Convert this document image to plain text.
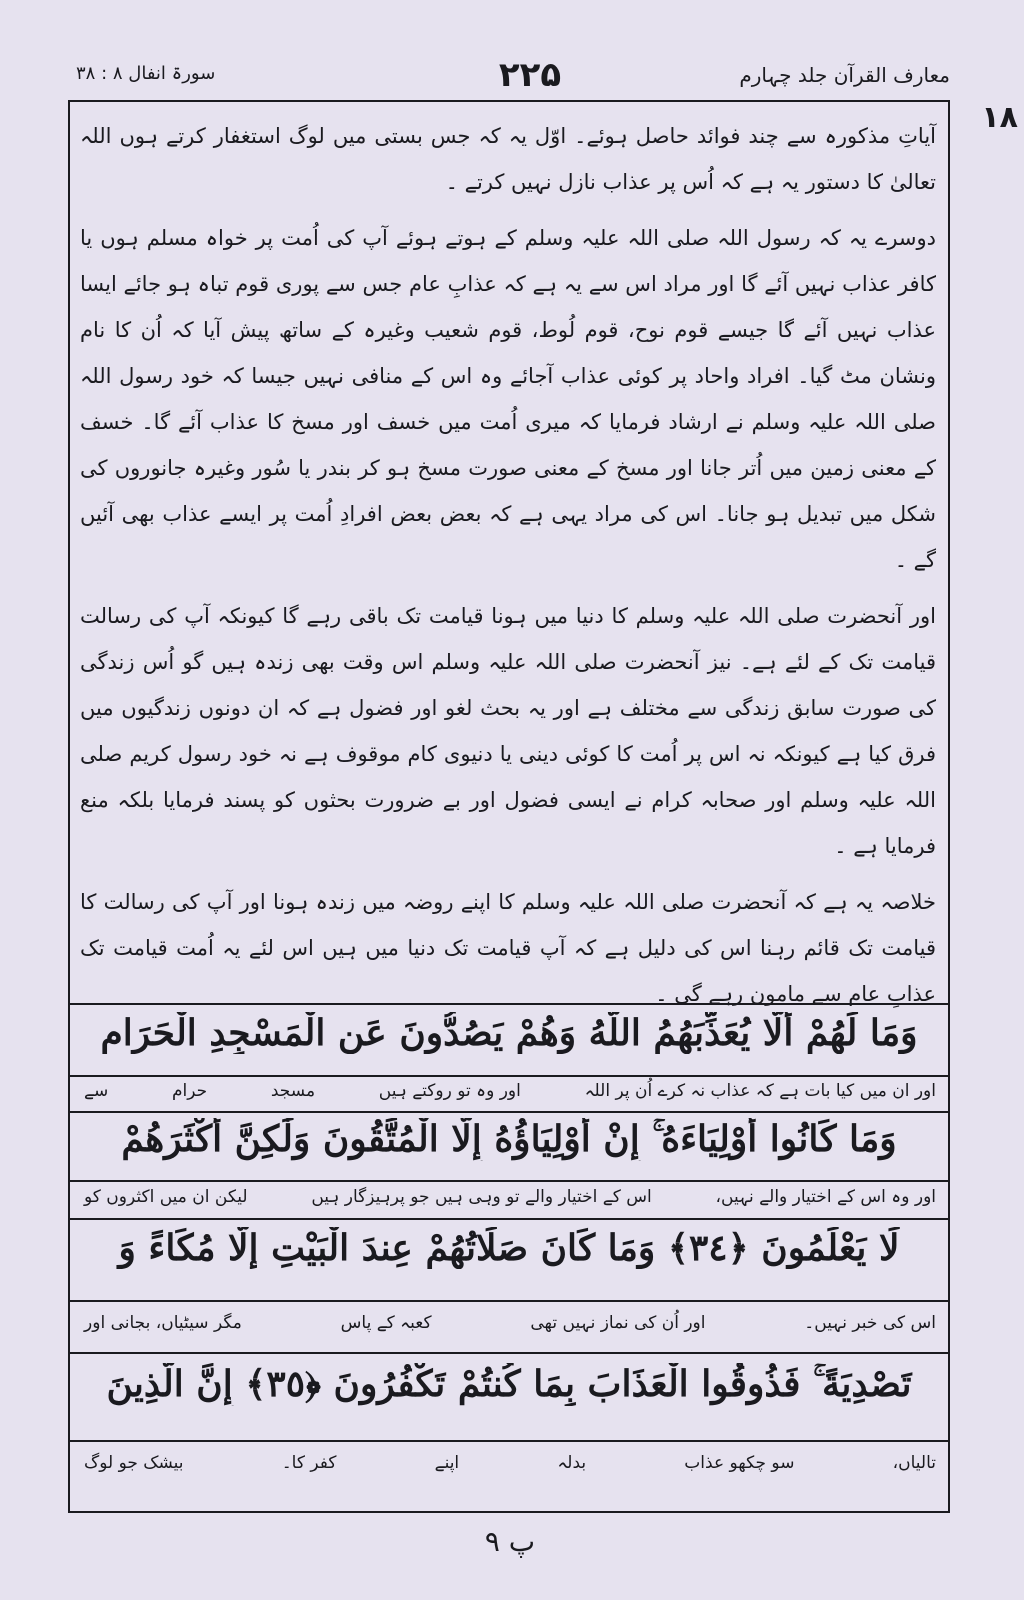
معارف القرآن جلد چہارم
۲۲۵
سورۃ انفال ۸ : ۳۸
۱۸

آیاتِ مذکورہ سے چند فوائد حاصل ہوئے۔ اوّل یہ کہ جس بستی میں لوگ استغفار کرتے ہوں اللہ تعالیٰ کا دستور یہ ہے کہ اُس پر عذاب نازل نہیں کرتے ۔

دوسرے یہ کہ رسول اللہ صلی اللہ علیہ وسلم کے ہوتے ہوئے آپ کی اُمت پر خواہ مسلم ہوں یا کافر عذاب نہیں آئے گا اور مراد اس سے یہ ہے کہ عذابِ عام جس سے پوری قوم تباہ ہو جائے ایسا عذاب نہیں آئے گا جیسے قوم نوح، قوم لُوط، قوم شعیب وغیرہ کے ساتھ پیش آیا کہ اُن کا نام ونشان مٹ گیا۔ افراد واحاد پر کوئی عذاب آجائے وہ اس کے منافی نہیں جیسا کہ خود رسول اللہ صلی اللہ علیہ وسلم نے ارشاد فرمایا کہ میری اُمت میں خسف اور مسخ کا عذاب آئے گا۔ خسف کے معنی زمین میں اُتر جانا اور مسخ کے معنی صورت مسخ ہو کر بندر یا سُور وغیرہ جانوروں کی شکل میں تبدیل ہو جانا۔ اس کی مراد یہی ہے کہ بعض بعض افرادِ اُمت پر ایسے عذاب بھی آئیں گے ۔

اور آنحضرت صلی اللہ علیہ وسلم کا دنیا میں ہونا قیامت تک باقی رہے گا کیونکہ آپ کی رسالت قیامت تک کے لئے ہے۔ نیز آنحضرت صلی اللہ علیہ وسلم اس وقت بھی زندہ ہیں گو اُس زندگی کی صورت سابق زندگی سے مختلف ہے اور یہ بحث لغو اور فضول ہے کہ ان دونوں زندگیوں میں فرق کیا ہے کیونکہ نہ اس پر اُمت کا کوئی دینی یا دنیوی کام موقوف ہے نہ خود رسول کریم صلی اللہ علیہ وسلم اور صحابہ کرام نے ایسی فضول اور بے ضرورت بحثوں کو پسند فرمایا بلکہ منع فرمایا ہے ۔

خلاصہ یہ ہے کہ آنحضرت صلی اللہ علیہ وسلم کا اپنے روضہ میں زندہ ہونا اور آپ کی رسالت کا قیامت تک قائم رہنا اس کی دلیل ہے کہ آپ قیامت تک دنیا میں ہیں اس لئے یہ اُمت قیامت تک عذابِ عام سے مامون رہے گی ۔

وَمَا لَهُمْ أَلَّا يُعَذِّبَهُمُ اللَّهُ وَهُمْ يَصُدُّونَ عَنِ الْمَسْجِدِ الْحَرَامِ
اور ان میں کیا بات ہے کہ عذاب نہ کرے اُن پر اللہ
اور وہ تو روکتے ہیں
مسجد
حرام
سے
وَمَا كَانُوا أَوْلِيَاءَهُ ۚ إِنْ أَوْلِيَاؤُهُ إِلَّا الْمُتَّقُونَ وَلَٰكِنَّ أَكْثَرَهُمْ
اور وہ اس کے اختیار والے نہیں،
اس کے اختیار والے تو وہی ہیں جو پرہیزگار ہیں
لیکن ان میں اکثروں کو
لَا يَعْلَمُونَ ﴿٣٤﴾ وَمَا كَانَ صَلَاتُهُمْ عِندَ الْبَيْتِ إِلَّا مُكَاءً وَ
اس کی خبر نہیں۔
اور اُن کی نماز نہیں تھی
کعبہ کے پاس
مگر سیٹیاں، بجانی اور
تَصْدِيَةً ۚ فَذُوقُوا الْعَذَابَ بِمَا كُنتُمْ تَكْفُرُونَ ﴿٣٥﴾ إِنَّ الَّذِينَ
تالیاں،
سو چکھو عذاب
بدلہ
اپنے
کفر کا۔
بیشک جو لوگ
پ ۹
